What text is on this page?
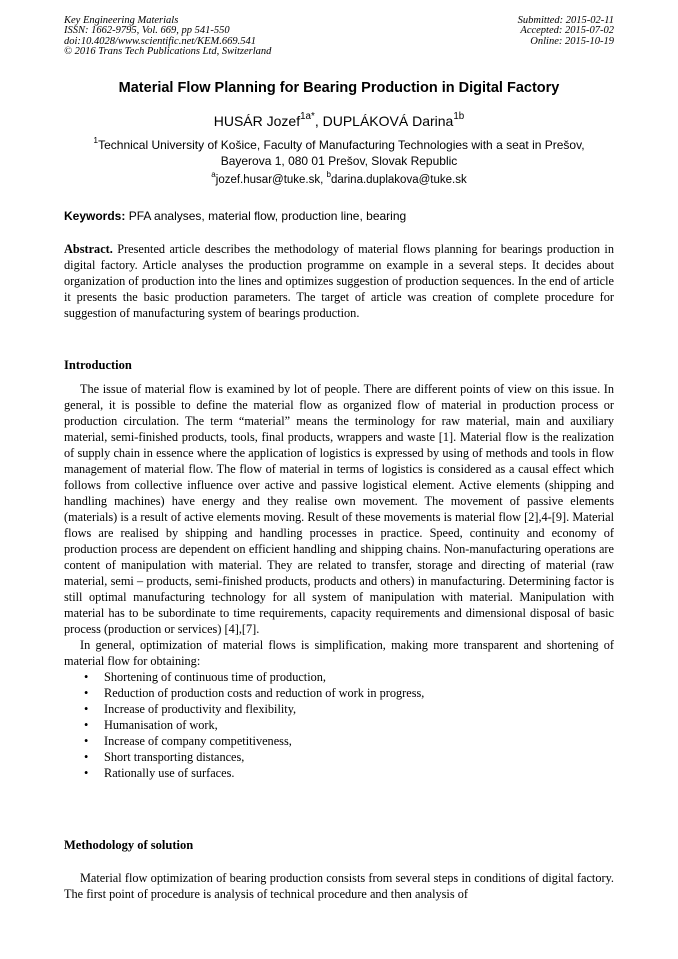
Key Engineering Materials
ISSN: 1662-9795, Vol. 669, pp 541-550
doi:10.4028/www.scientific.net/KEM.669.541
© 2016 Trans Tech Publications Ltd, Switzerland
Submitted: 2015-02-11
Accepted: 2015-07-02
Online: 2015-10-19
Material Flow Planning for Bearing Production in Digital Factory
HUSÁR Jozef$^{1a*}$, DUPLÁKOVÁ Darina$^{1b}$
$^1$Technical University of Košice, Faculty of Manufacturing Technologies with a seat in Prešov,
Bayerova 1, 080 01 Prešov, Slovak Republic
$^a$jozef.husar@tuke.sk, $^b$darina.duplakova@tuke.sk
Keywords: PFA analyses, material flow, production line, bearing
Abstract. Presented article describes the methodology of material flows planning for bearings production in digital factory. Article analyses the production programme on example in a several steps. It decides about organization of production into the lines and optimizes suggestion of production sequences. In the end of article it presents the basic production parameters. The target of article was creation of complete procedure for suggestion of manufacturing system of bearings production.
Introduction

The issue of material flow is examined by lot of people. There are different points of view on this issue. In general, it is possible to define the material flow as organized flow of material in production process or production circulation. The term “material” means the terminology for raw material, main and auxiliary material, semi-finished products, tools, final products, wrappers and waste [1]. Material flow is the realization of supply chain in essence where the application of logistics is expressed by using of methods and tools in flow management of material flow. The flow of material in terms of logistics is considered as a causal effect which follows from collective influence over active and passive logistical element. Active elements (shipping and handling machines) have energy and they realise own movement. The movement of passive elements (materials) is a result of active elements moving. Result of these movements is material flow [2],4-[9]. Material flows are realised by shipping and handling processes in practice. Speed, continuity and economy of production process are dependent on efficient handling and shipping chains. Non-manufacturing operations are content of manipulation with material. They are related to transfer, storage and directing of material (raw material, semi – products, semi-finished products, products and others) in manufacturing. Determining factor is still optimal manufacturing technology for all system of manipulation with material. Manipulation with material has to be subordinate to time requirements, capacity requirements and dimensional disposal of basic process (production or services) [4],[7].

In general, optimization of material flows is simplification, making more transparent and shortening of material flow for obtaining:

• Shortening of continuous time of production,
• Reduction of production costs and reduction of work in progress,
• Increase of productivity and flexibility,
• Humanisation of work,
• Increase of company competitiveness,
• Short transporting distances,
• Rationally use of surfaces.
Methodology of solution

Material flow optimization of bearing production consists from several steps in conditions of digital factory. The first point of procedure is analysis of technical procedure and then analysis of
